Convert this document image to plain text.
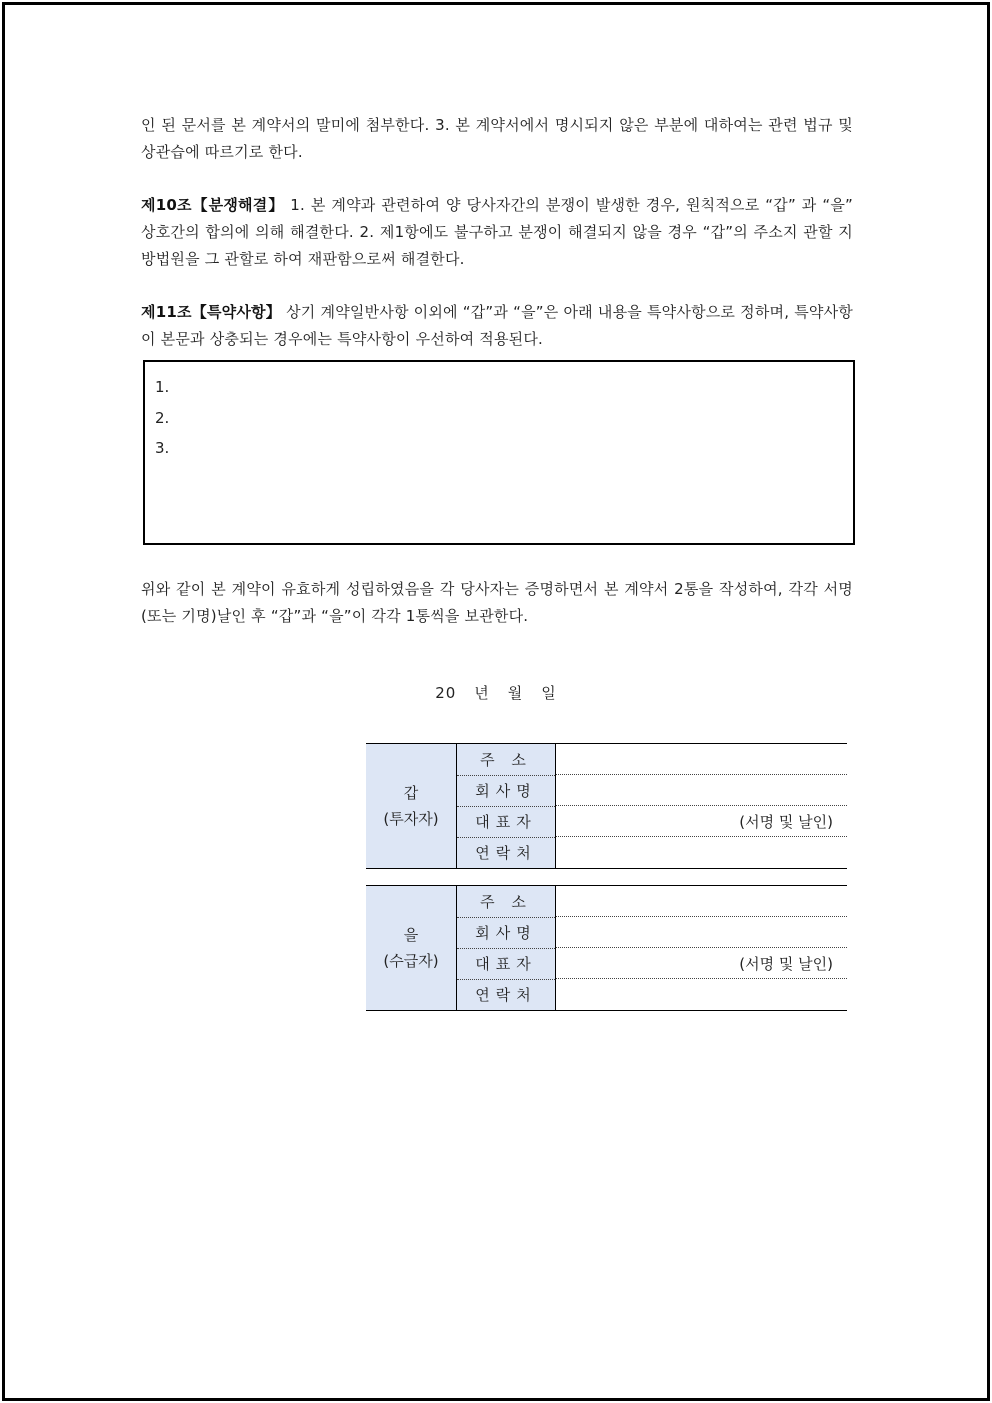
인 된 문서를 본 계약서의 말미에 첨부한다. 3. 본 계약서에서 명시되지 않은 부분에 대하여는 관련 법규 및 상관습에 따르기로 한다.

제10조【분쟁해결】 1. 본 계약과 관련하여 양 당사자간의 분쟁이 발생한 경우, 원칙적으로 “갑” 과 “을” 상호간의 합의에 의해 해결한다. 2. 제1항에도 불구하고 분쟁이 해결되지 않을 경우 “갑”의 주소지 관할 지방법원을 그 관할로 하여 재판함으로써 해결한다.

제11조【특약사항】 상기 계약일반사항 이외에 “갑”과 “을”은 아래 내용을 특약사항으로 정하며, 특약사항이 본문과 상충되는 경우에는 특약사항이 우선하여 적용된다.

위와 같이 본 계약이 유효하게 성립하였음을 각 당사자는 증명하면서 본 계약서 2통을 작성하여, 각각 서명(또는 기명)날인 후 “갑”과 “을”이 각각 1통씩을 보관한다.

1.
2.
3.
20 년 월 일
갑
(투자자)
주 소
회사명
대표자
연락처
(서명 및 날인)
을
(수급자)
주 소
회사명
대표자
연락처
(서명 및 날인)
